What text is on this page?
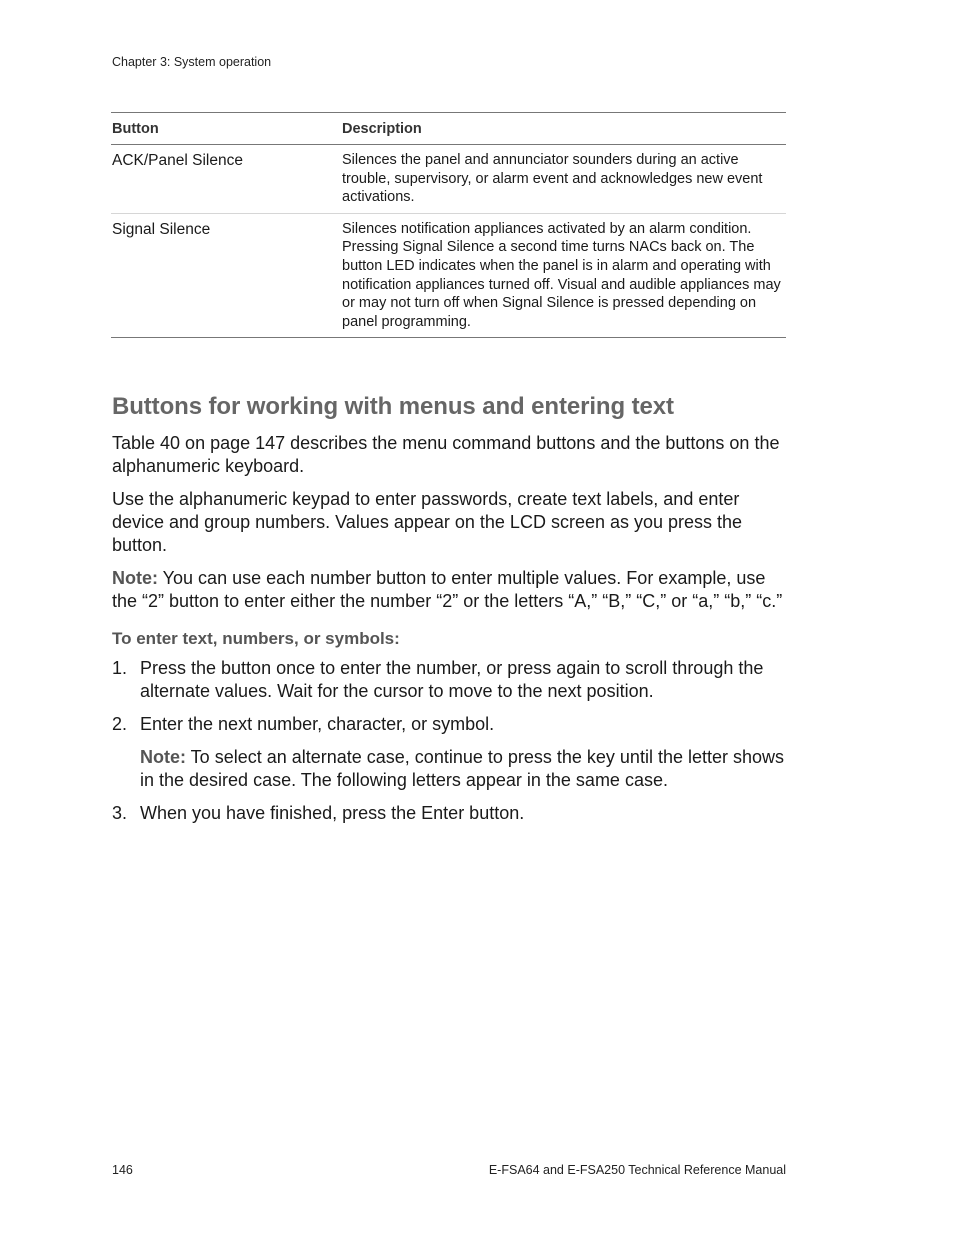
Chapter 3: System operation
Button	Description
ACK/Panel Silence	Silences the panel and annunciator sounders during an active trouble, supervisory, or alarm event and acknowledges new event activations.
Signal Silence	Silences notification appliances activated by an alarm condition. Pressing Signal Silence a second time turns NACs back on. The button LED indicates when the panel is in alarm and operating with notification appliances turned off. Visual and audible appliances may or may not turn off when Signal Silence is pressed depending on panel programming.
Buttons for working with menus and entering text

Table 40 on page 147 describes the menu command buttons and the buttons on the alphanumeric keyboard.

Use the alphanumeric keypad to enter passwords, create text labels, and enter device and group numbers. Values appear on the LCD screen as you press the button.

Note: You can use each number button to enter multiple values. For example, use the “2” button to enter either the number “2” or the letters “A,” “B,” “C,” or “a,” “b,” “c.”

To enter text, numbers, or symbols:
1. Press the button once to enter the number, or press again to scroll through the alternate values. Wait for the cursor to move to the next position.
2. Enter the next number, character, or symbol.

Note: To select an alternate case, continue to press the key until the letter shows in the desired case. The following letters appear in the same case.

3. When you have finished, press the Enter button.
146	E-FSA64 and E-FSA250 Technical Reference Manual
